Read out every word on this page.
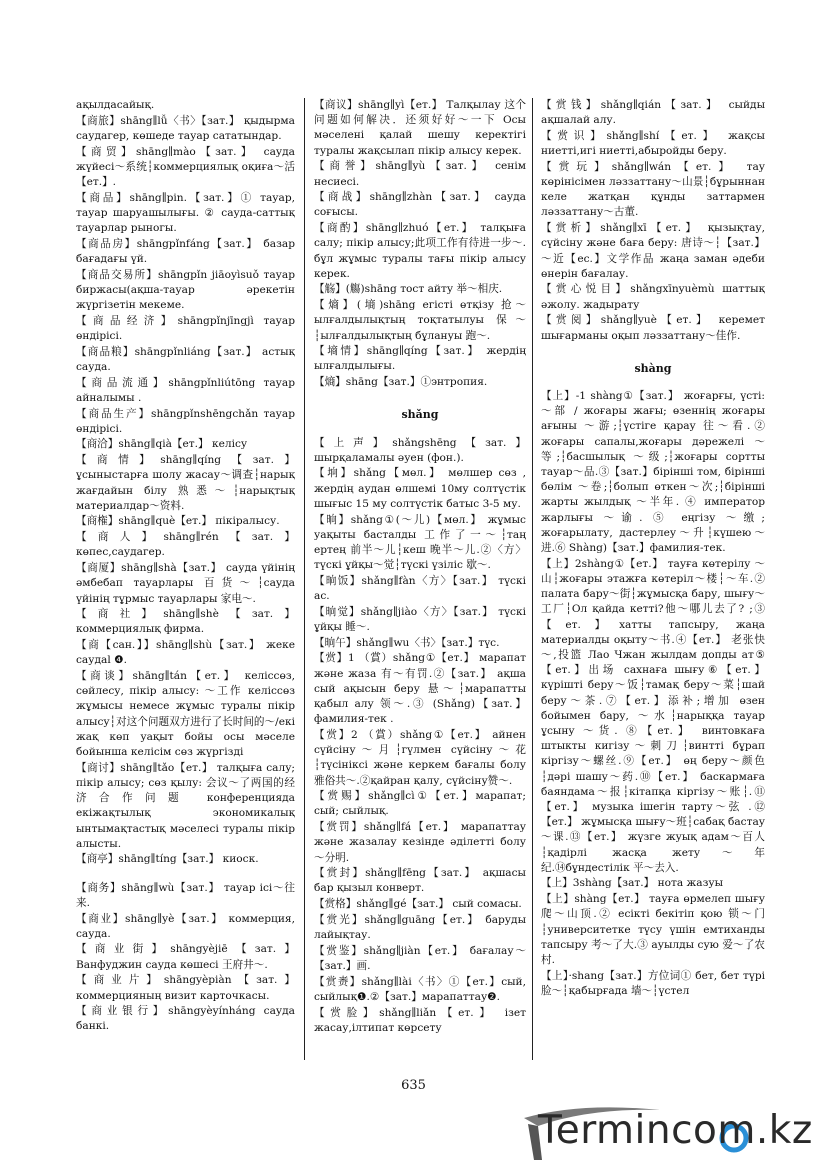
ақылдасайық.
【商旅】shāng∥lǚ〈书〉【зат.】 қыдырма саудагер, көшеде тауар сататындар.
【商贸】shāng∥mào【зат.】 сауда жүйесі～系统┆коммерциялық оқиға～活【ет.】.
【商品】shāng∥pin.【зат.】① тауар, тауар шаруашылығы. ② сауда-саттық тауарлар рыногы.
【商品房】shāngpǐnfáng【зат.】 базар бағадағы үй.
【商品交易所】shāngpǐn jiāoyìsuǒ тауар биржасы(ақша-тауар әрекетін жүргізетін мекеме.
【商品经济】shāngpǐnjīngjì тауар өндірісі.
【商品粮】shāngpǐnliáng【зат.】 астық сауда.
【商品流通】shāngpǐnliútōng тауар айналымы .
【商品生产】shāngpǐnshēngchǎn тауар өндірісі.
【商洽】shāng∥qià【ет.】 келісу
【商情】shāng∥qíng【зат.】 ұсыныстарға шолу жасау～调查┆нарық жағдайын білу 熟悉～┆нарықтық материалдар～资料.
【商権】shāng∥què【ет.】 пікіралысу.
【商人】shāng∥rén【зат.】 көпес,саудагер.
【商厦】shāng∥shà【зат.】 сауда үйінің әмбебап тауарлары 百货～┆сауда үйінің тұрмыс тауарлары 家电～.
【商社】shāng∥shè【зат.】 коммерциялық фирма.
【商【сан.】】shāng∥shù【зат.】 жеке саудаl ❹.
【商谈】shāng∥tán【ет.】 келіссөз, сөйлесу, пікір алысу: ～工作 келіссөз жұмысы немесе жұмыс туралы пікір алысу┆对这个问题双方进行了长时间的～/екі жақ көп уақыт бойы осы мәселе бойынша келісім сөз жүргізді
【商讨】shāng∥tǎo【ет.】 талқыға салу; пікір алысу; сөз қылу: 会议～了两国的经济合作问题 конференцияда екіжақтылық экономикалық ынтымақтастық мәселесі туралы пікір алысты.
【商亭】shāng∥tíng【зат.】 киоск.
【商务】shāng∥wù【зат.】 тауар ісі～往来.
【商业】shāng∥yè【зат.】 коммерция, сауда.
【商业街】shāngyèjiē【зат.】 Ванфуджин сауда көшесі 王府井～.
【商业片】shāngyèpiàn【зат.】 коммерцияның визит карточкасы.
【商业银行】shāngyèyínháng сауда банкі.
【商议】shāng∥yì【ет.】 Талқылау 这个问题如何解决．还须好好～一下 Осы мәселені қалай шешу керектігі туралы жақсылап пікір алысу керек.
【商誉】shāng∥yù【зат.】 сенім несиесі.
【商战】shāng∥zhàn【зат.】 сауда соғысы.
【商酌】shāng∥zhuó【ет.】 талқыға салу; пікір алысу;此项工作有待进一步～. бұл жұмыс туралы тағы пікір алысу керек.
【觞】(觴)shāng тост айту 举～相庆.
【熵】(墒)shāng егісті өтқізу 抢～ ылғалдылықтың тоқтатылуы 保～┆ылғалдылықтың бұлануы 跑～.
【墒情】shāng∥qíng【зат.】 жердің ылғалдылығы.
【熵】shāng【зат.】①энтропия.
shǎng
【上声】shǎngshēng【зат.】 шырқаламалы әуен (фон.).
【垧】shǎng【мөл.】 мөлшер сөз , жердің аудан өлшемі 10му солтүстік шығыс 15 му солтүстік батыс 3-5 му.
【晌】shǎng①(～儿)【мөл.】 жұмыс уақыты басталды 工作了一～┆таң ертең 前半～儿┆кеш 晚半～儿.②〈方〉түскі ұйқы～觉┆түскі үзіліс 歇～.
【晌饭】shǎng∥fàn〈方〉【зат.】 түскі ас.
【晌觉】shǎng∥jiào〈方〉【зат.】 түскі ұйқы 睡～.
【晌午】shǎng∥wu〈书〉【зат.】түс.
【赏】1 （賞）shǎng①【ет.】 марапат және жаза 有～有罚.②【зат.】 ақша сый ақысын беру 悬～┆марапатты қабыл алу 领～.③ (Shǎng)【зат.】 фамилия-тек .
【赏】2 （賞）shǎng①【ет.】 айнен сүйсіну～月┆гүлмен сүйсіну～花┆түсініксі және керкем бағалы болу雅俗共～.②қайран қалу, сүйсіну赞～.
【赏赐】shǎng∥cì①【ет.】марапат; сый; сыйлық.
【赏罚】shǎng∥fá【ет.】 марапаттау және жазалау кезінде әділетті болу～分明.
【赏封】shǎng∥fēng【зат.】 ақшасы бар қызыл конверт.
【赏格】shǎng∥gé【зат.】 сый сомасы.
【赏光】shǎng∥guāng【ет.】 баруды лайықтау.
【赏鉴】shǎng∥jiàn【ет.】 бағалау～【зат.】画.
【赏赉】shǎng∥lài〈书〉①【ет.】сый, сыйлық❶.②【зат.】марапаттау❷.
【赏脸】shǎng∥liǎn【ет.】 ізет жасау,ілтипат көрсету
【赏钱】shǎng∥qián【зат.】 сыйды ақшалай алу.
【赏识】shǎng∥shí【ет.】 жақсы ниетті,игі ниетті,абыройды беру.
【赏玩】shǎng∥wán【ет.】 тау көрінісімен ләззаттану～山景┆бұрыннан келе жатқан құнды заттармен ләззаттану～古董.
【赏析】shǎng∥xī【ет.】 қызықтау, сүйсіну және баға беру: 唐诗～┆【зат.】～近【ес.】文学作品 жаңа заман әдеби өнерін бағалау.
【赏心悦目】shǎngxīnyuèmù шаттық әжолу. жадырату
【赏阅】shǎng∥yuè【ет.】 керемет шығарманы оқып ләззаттану～佳作.
shàng
【上】-1 shàng①【зат.】 жоғарғы, үсті: ～部 / жоғары жағы; өзеннің жоғары ағыны ～游;┆үстіге қарау 往～看.② жоғары сапалы,жоғары дәрежелі ～等;┆басшылық ～级;┆жоғары сортты тауар～品.③【зат.】біріншi том, бірінші бөлім ～卷;┆болып өткен～次;┆бірінші жарты жылдық ～半年. ④ император жарлығы ～谕. ⑤ еңгізу ～缴; жоғарылату, дастерлеу～升┆күшею～进.⑥ Shàng)【зат.】фамилия-тек.
【上】2shàng①【ет.】 тауға көтерілу ～山┆жоғары этажға көтеріл～楼┆～车.② палата бару～街┆жұмысқа бару, шығу～工厂┆Ол қайда кетті?他～哪儿去了? ;③【ет.】хатты тапсыру, жаңа материалды оқыту～书.④【ет.】 老张快～,投篮 Лао Чжан жылдам допды ат⑤【ет.】出场 сахнаға шығу⑥【ет.】 күрішті беру～饭┆тамақ беру～菜┆шай беру～茶.⑦【ет.】添补;增加 өзен бойымен бару, ～水┆нарыққа тауар ұсыну ～货. ⑧【ет.】 винтовкаға штыкты кигізу～刺刀┆винтті бұрап кіргізу～螺丝.⑨【ет.】 өң беру～颜色┆дәрі шашу～药.⑩【ет.】 баскармаға баяндама～报┆кітапқа кіргізу～账┆.⑪【ет.】 музыка ішегін тарту～弦 .⑫【ет.】 жұмысқа шығу～班┆сабақ бастау～课.⑬【ет.】 жүзге жуық адам～百人┆қадірлі жасқа жету～年纪.⑭бұндестілік 平～去入.
【上】3shàng【зат.】 нота жазуы
【上】shàng【ет.】 тауға өрмелеп шығу 爬～山顶.② есікті бекітіп қою 锁～门┆университетке түсу үшін емтиханды тапсыру 考～了大.③ ауылды сую 爱～了农村.
【上】·shang【зат.】方位词① бет, бет түрі 脸～┆қабырғада 墙～┆үстел
635
Termincom.kz
